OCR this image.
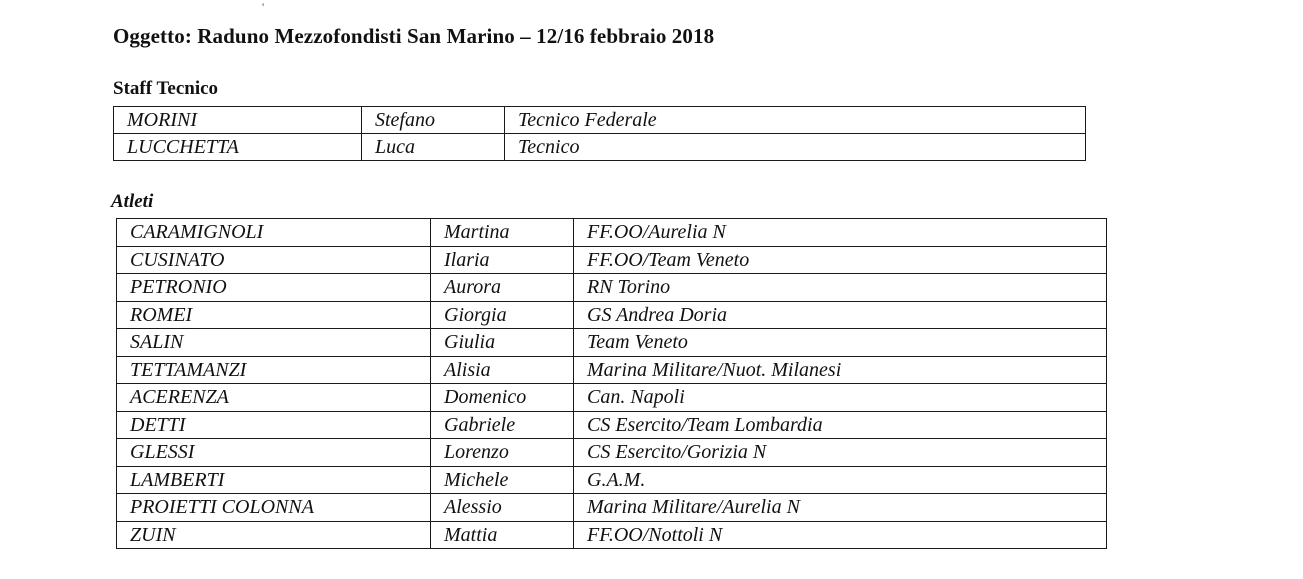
'
Oggetto: Raduno Mezzofondisti San Marino – 12/16 febbraio 2018
Staff Tecnico
MORINI	Stefano	Tecnico Federale
LUCCHETTA	Luca	Tecnico
Atleti
CARAMIGNOLI	Martina	FF.OO/Aurelia N
CUSINATO	Ilaria	FF.OO/Team Veneto
PETRONIO	Aurora	RN Torino
ROMEI	Giorgia	GS Andrea Doria
SALIN	Giulia	Team Veneto
TETTAMANZI	Alisia	Marina Militare/Nuot. Milanesi
ACERENZA	Domenico	Can. Napoli
DETTI	Gabriele	CS Esercito/Team Lombardia
GLESSI	Lorenzo	CS Esercito/Gorizia N
LAMBERTI	Michele	G.A.M.
PROIETTI COLONNA	Alessio	Marina Militare/Aurelia N
ZUIN	Mattia	FF.OO/Nottoli N
